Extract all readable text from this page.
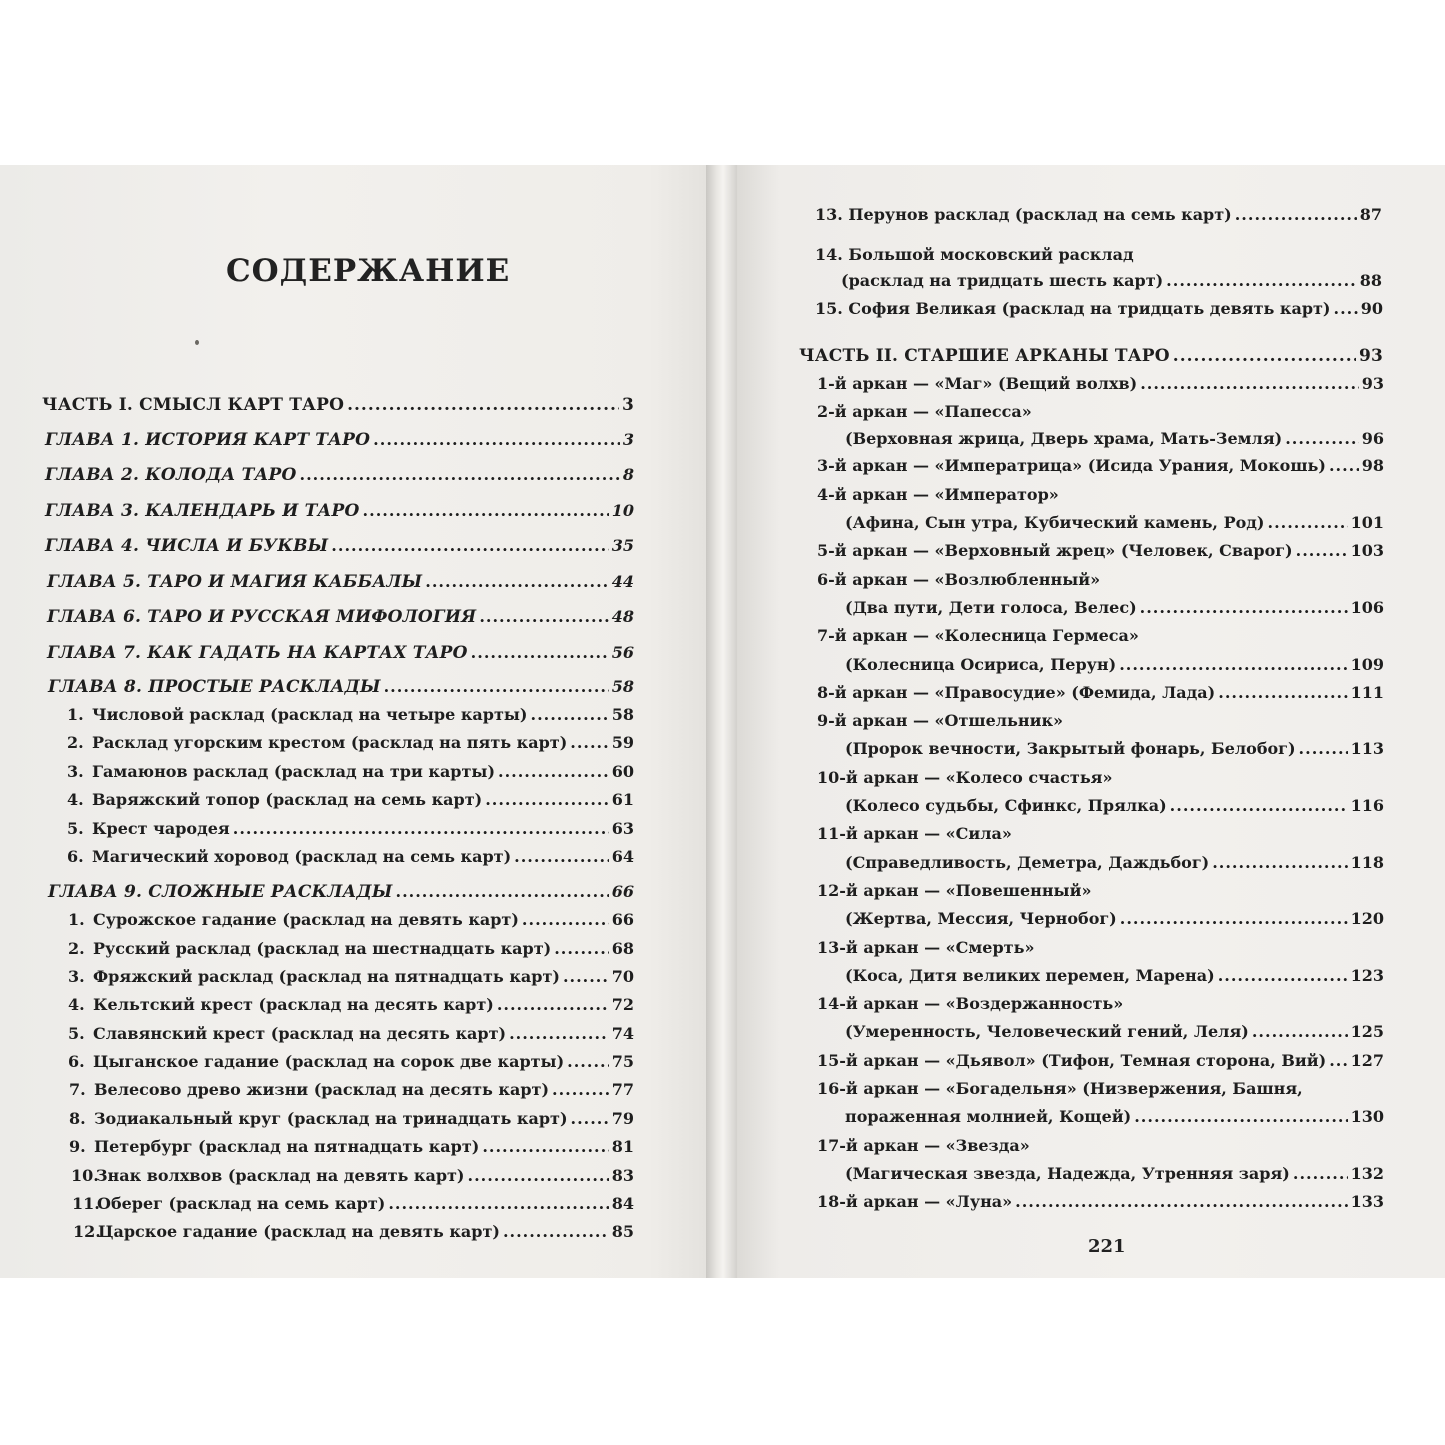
СОДЕРЖАНИЕ
ЧАСТЬ I. СМЫСЛ КАРТ ТАРО .....	3
ГЛАВА 1. ИСТОРИЯ КАРТ ТАРО .....	3
ГЛАВА 2. КОЛОДА ТАРО .....	8
ГЛАВА 3. КАЛЕНДАРЬ И ТАРО .....	10
ГЛАВА 4. ЧИСЛА И БУКВЫ .....	35
ГЛАВА 5. ТАРО И МАГИЯ КАББАЛЫ .....	44
ГЛАВА 6. ТАРО И РУССКАЯ МИФОЛОГИЯ .....	48
ГЛАВА 7. КАК ГАДАТЬ НА КАРТАХ ТАРО .....	56
ГЛАВА 8. ПРОСТЫЕ РАСКЛАДЫ .....	58
1. Числовой расклад (расклад на четыре карты) .....	58
2. Расклад угорским крестом (расклад на пять карт) .....	59
3. Гамаюнов расклад (расклад на три карты) .....	60
4. Варяжский топор (расклад на семь карт) .....	61
5. Крест чародея .....	63
6. Магический хоровод (расклад на семь карт) .....	64
ГЛАВА 9. СЛОЖНЫЕ РАСКЛАДЫ .....	66
1. Сурожское гадание (расклад на девять карт) .....	66
2. Русский расклад (расклад на шестнадцать карт) .....	68
3. Фряжский расклад (расклад на пятнадцать карт) .....	70
4. Кельтский крест (расклад на десять карт) .....	72
5. Славянский крест (расклад на десять карт) .....	74
6. Цыганское гадание (расклад на сорок две карты) .....	75
7. Велесово древо жизни (расклад на десять карт) .....	77
8. Зодиакальный круг (расклад на тринадцать карт) .....	79
9. Петербург (расклад на пятнадцать карт) .....	81
10.Знак волхвов (расклад на девять карт) .....	83
11.Оберег (расклад на семь карт) .....	84
12.Царское гадание (расклад на девять карт) .....	85
13. Перунов расклад (расклад на семь карт) .....	87
14. Большой московский расклад
(расклад на тридцать шесть карт) .....	88
15. София Великая (расклад на тридцать девять карт) ..... 90
ЧАСТЬ II. СТАРШИЕ АРКАНЫ ТАРО .....	93
1-й аркан — «Маг» (Вещий волхв) .....	93
2-й аркан — «Папесса»
(Верховная жрица, Дверь храма, Мать-Земля) .....	96
3-й аркан — «Императрица» (Исида Урания, Мокошь) ..... 98
4-й аркан — «Император»
(Афина, Сын утра, Кубический камень, Род) .....	101
5-й аркан — «Верховный жрец» (Человек, Сварог) .....	103
6-й аркан — «Возлюбленный»
(Два пути, Дети голоса, Велес) .....	106
7-й аркан — «Колесница Гермеса»
(Колесница Осириса, Перун) .....	109
8-й аркан — «Правосудие» (Фемида, Лада) .....	111
9-й аркан — «Отшельник»
(Пророк вечности, Закрытый фонарь, Белобог) .....	113
10-й аркан — «Колесо счастья»
(Колесо судьбы, Сфинкс, Прялка) .....	116
11-й аркан — «Сила»
(Справедливость, Деметра, Даждьбог) .....	118
12-й аркан — «Повешенный»
(Жертва, Мессия, Чернобог) .....	120
13-й аркан — «Смерть»
(Коса, Дитя великих перемен, Марена) .....	123
14-й аркан — «Воздержанность»
(Умеренность, Человеческий гений, Леля) .....	125
15-й аркан — «Дьявол» (Тифон, Темная сторона, Вий) ..... 127
16-й аркан — «Богадельня» (Низвержения, Башня,
пораженная молнией, Кощей) .....	130
17-й аркан — «Звезда»
(Магическая звезда, Надежда, Утренняя заря) .....	132
18-й аркан — «Луна» .....	133

221
